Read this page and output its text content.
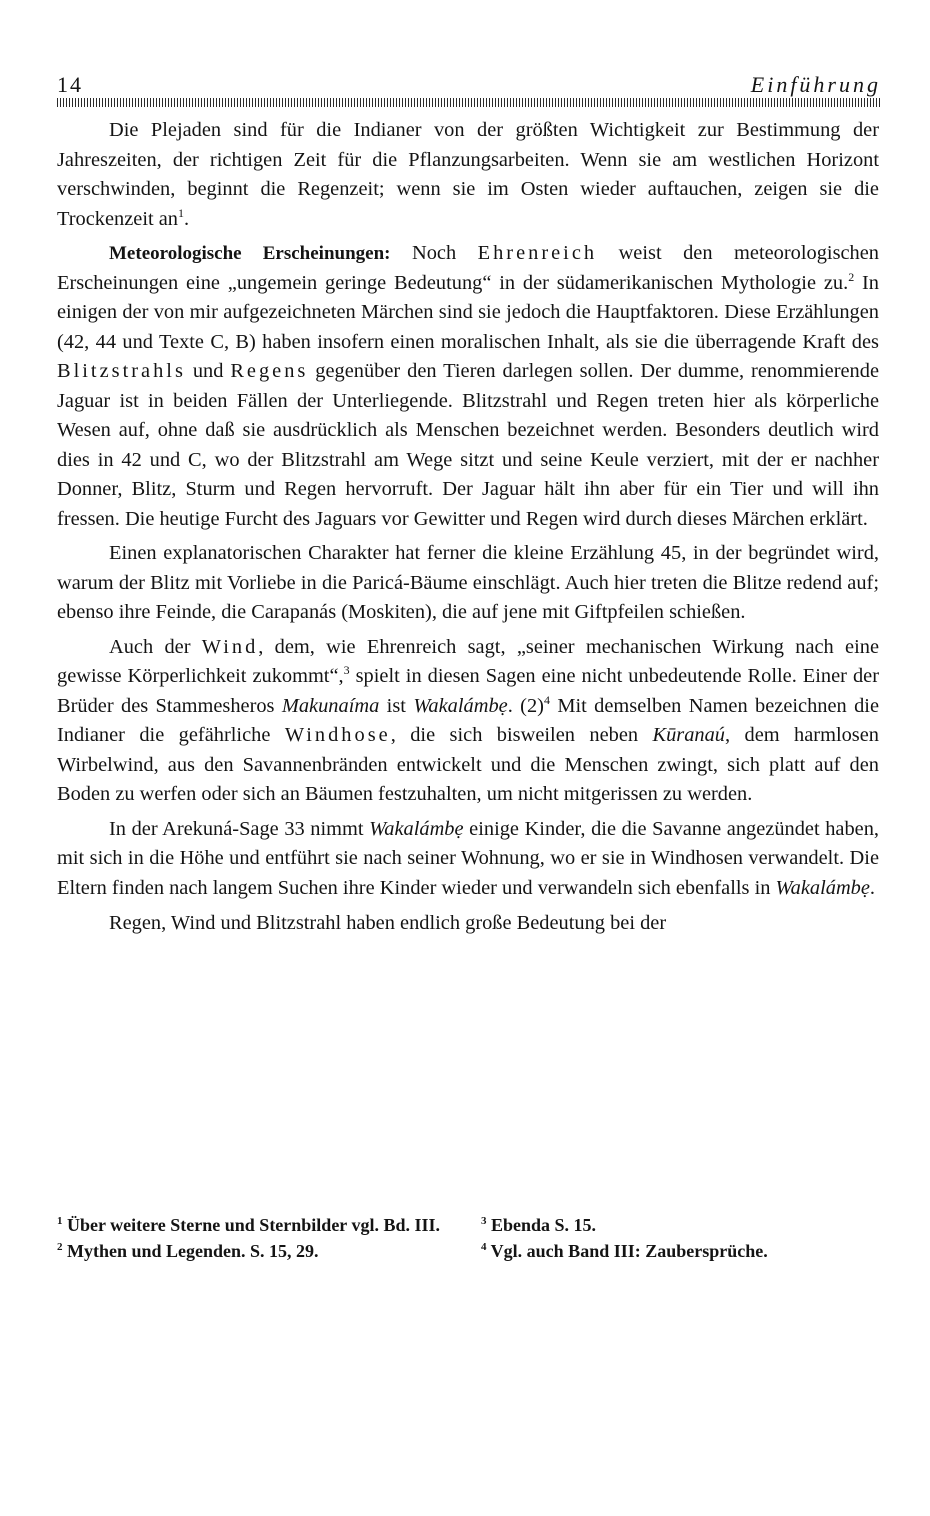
14	Einführung

Die Plejaden sind für die Indianer von der größten Wichtigkeit zur Bestimmung der Jahreszeiten, der richtigen Zeit für die Pflanzungsarbeiten. Wenn sie am westlichen Horizont verschwinden, beginnt die Regenzeit; wenn sie im Osten wieder auftauchen, zeigen sie die Trockenzeit $an^1$.

Meteorologische Erscheinungen: Noch Ehrenreich weist den meteorologischen Erscheinungen eine „ungemein geringe Bedeutung“ in der südamerikanischen Mythologie zu.$^2$ In einigen der von mir aufgezeichneten Märchen sind sie jedoch die Hauptfaktoren. Diese Erzählungen (42, 44 und Texte C, B) haben insofern einen moralischen Inhalt, als sie die überragende Kraft des Blitzstrahls und Regens gegenüber den Tieren darlegen sollen. Der dumme, renommierende Jaguar ist in beiden Fällen der Unterliegende. Blitzstrahl und Regen treten hier als körperliche Wesen auf, ohne daß sie ausdrücklich als Menschen bezeichnet werden. Besonders deutlich wird dies in 42 und C, wo der Blitzstrahl am Wege sitzt und seine Keule verziert, mit der er nachher Donner, Blitz, Sturm und Regen hervorruft. Der Jaguar hält ihn aber für ein Tier und will ihn fressen. Die heutige Furcht des Jaguars vor Gewitter und Regen wird durch dieses Märchen erklärt.

Einen explanatorischen Charakter hat ferner die kleine Erzählung 45, in der begründet wird, warum der Blitz mit Vorliebe in die Paricá-Bäume einschlägt. Auch hier treten die Blitze redend auf; ebenso ihre Feinde, die Carapanás (Moskiten), die auf jene mit Giftpfeilen schießen.

Auch der Wind, dem, wie Ehrenreich sagt, „seiner mechanischen Wirkung nach eine gewisse Körperlichkeit zukommt“,$^3$ spielt in diesen Sagen eine nicht unbedeutende Rolle. Einer der Brüder des Stammesheros Makunaíma ist Wakalámbẹ. $(2)^4$ Mit demselben Namen bezeichnen die Indianer die gefährliche Windhose, die sich bisweilen neben Kūranaú, dem harmlosen Wirbelwind, aus den Savannenbränden entwickelt und die Menschen zwingt, sich platt auf den Boden zu werfen oder sich an Bäumen festzuhalten, um nicht mitgerissen zu werden.

In der Arekuná-Sage 33 nimmt Wakalámbẹ einige Kinder, die die Savanne angezündet haben, mit sich in die Höhe und entführt sie nach seiner Wohnung, wo er sie in Windhosen verwandelt. Die Eltern finden nach langem Suchen ihre Kinder wieder und verwandeln sich ebenfalls in Wakalámbẹ.

Regen, Wind und Blitzstrahl haben endlich große Bedeutung bei der

$^1$ Über weitere Sterne und Sternbilder vgl. Bd. III.

$^2$ Mythen und Legenden. S. 15, 29.

$^3$ Ebenda S. 15.

$^4$ Vgl. auch Band III: Zaubersprüche.
